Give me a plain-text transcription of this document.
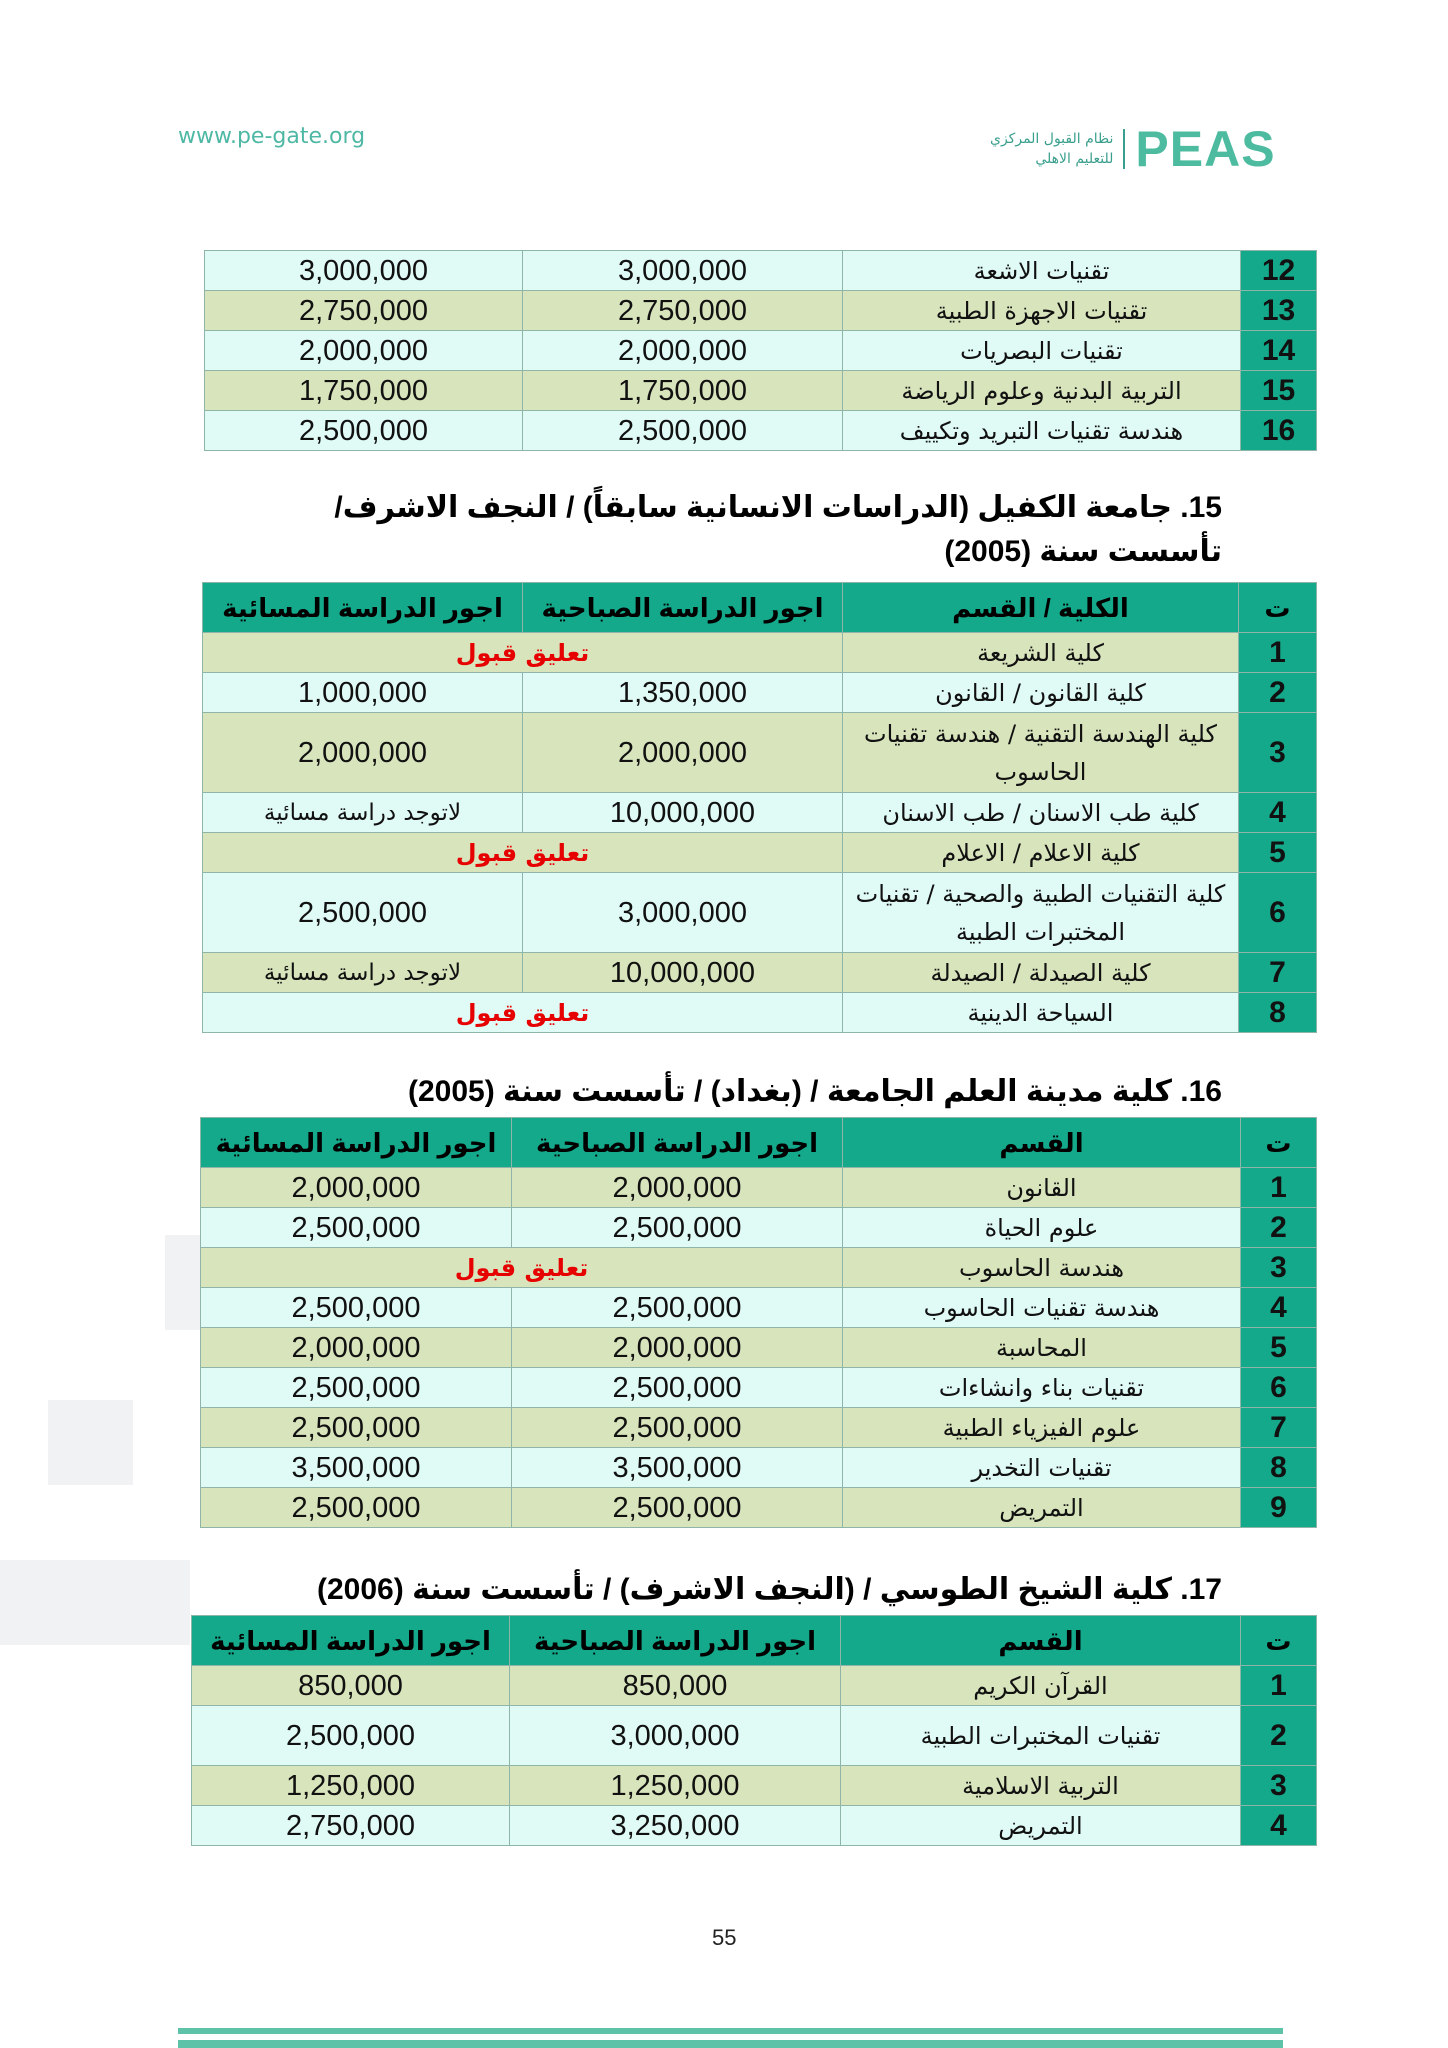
www.pe-gate.org	نظام القبول المركزي
للتعليم الاهلي PEAS
15. جامعة الكفيل (الدراسات الانسانية سابقاً) / النجف الاشرف/ تأسست سنة (2005)
16. كلية مدينة العلم الجامعة / (بغداد) / تأسست سنة (2005)
17. كلية الشيخ الطوسي / (النجف الاشرف) / تأسست سنة (2006)
12	تقنيات الاشعة	3,000,000	3,000,000
13	تقنيات الاجهزة الطبية	2,750,000	2,750,000
14	تقنيات البصريات	2,000,000	2,000,000
15	التربية البدنية وعلوم الرياضة	1,750,000	1,750,000
16	هندسة تقنيات التبريد وتكييف	2,500,000	2,500,000
ت	الكلية / القسم	اجور الدراسة الصباحية	اجور الدراسة المسائية
1	كلية الشريعة	تعليق قبول	
2	كلية القانون / القانون	1,350,000	1,000,000
3	كلية الهندسة التقنية / هندسة تقنيات الحاسوب	2,000,000	2,000,000
4	كلية طب الاسنان / طب الاسنان	10,000,000	لاتوجد دراسة مسائية
5	كلية الاعلام / الاعلام	تعليق قبول	
6	كلية التقنيات الطبية والصحية / تقنيات المختبرات الطبية	3,000,000	2,500,000
7	كلية الصيدلة / الصيدلة	10,000,000	لاتوجد دراسة مسائية
8	السياحة الدينية	تعليق قبول	
ت	القسم	اجور الدراسة الصباحية	اجور الدراسة المسائية
1	القانون	2,000,000	2,000,000
2	علوم الحياة	2,500,000	2,500,000
3	هندسة الحاسوب	تعليق قبول	
4	هندسة تقنيات الحاسوب	2,500,000	2,500,000
5	المحاسبة	2,000,000	2,000,000
6	تقنيات بناء وانشاءات	2,500,000	2,500,000
7	علوم الفيزياء الطبية	2,500,000	2,500,000
8	تقنيات التخدير	3,500,000	3,500,000
9	التمريض	2,500,000	2,500,000
ت	القسم	اجور الدراسة الصباحية	اجور الدراسة المسائية
1	القرآن الكريم	850,000	850,000
2	تقنيات المختبرات الطبية	3,000,000	2,500,000
3	التربية الاسلامية	1,250,000	1,250,000
4	التمريض	3,250,000	2,750,000
55
